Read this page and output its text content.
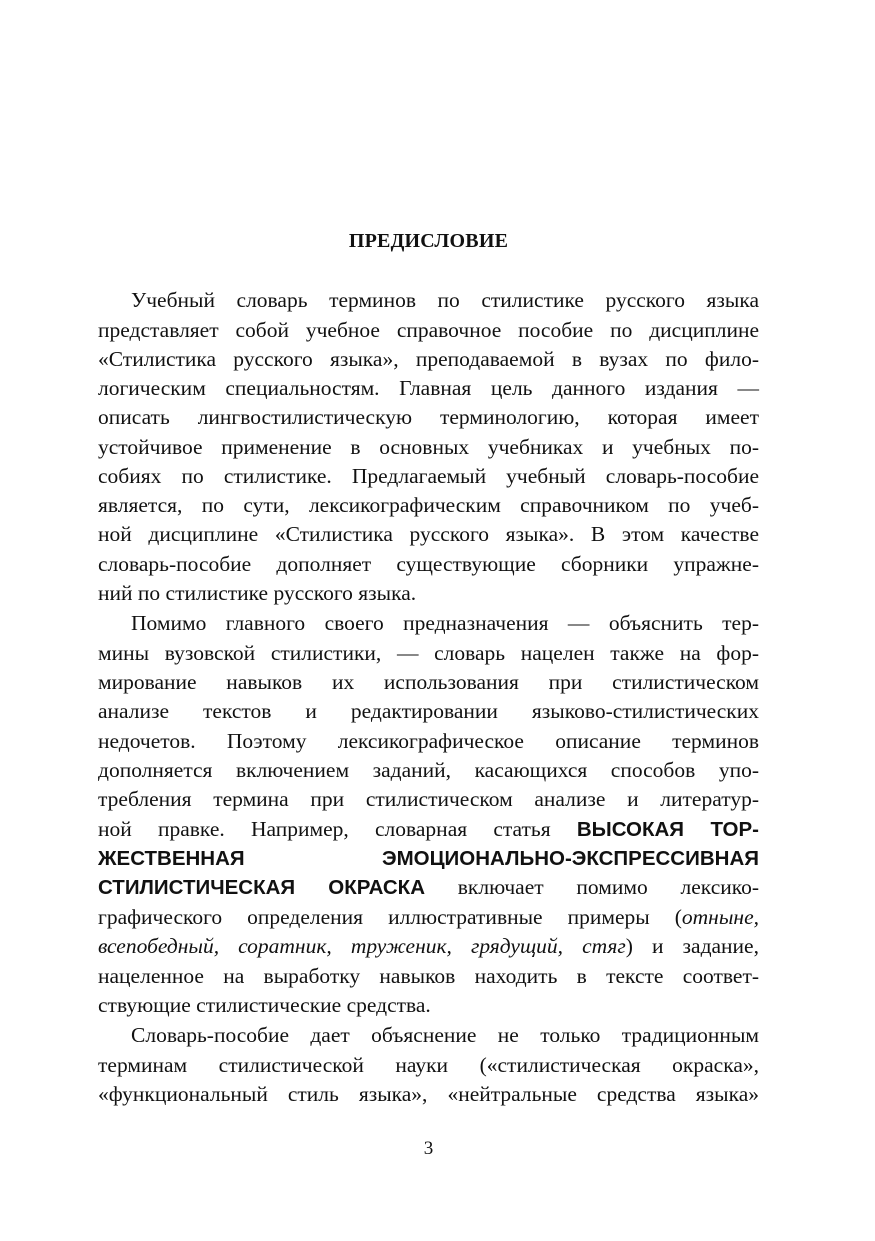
ПРЕДИСЛОВИЕ
Учебный словарь терминов по стилистике русского языка
представляет собой учебное справочное пособие по дисциплине
«Стилистика русского языка», преподаваемой в вузах по фило-
логическим специальностям. Главная цель данного издания —
описать лингвостилистическую терминологию, которая имеет
устойчивое применение в основных учебниках и учебных по-
собиях по стилистике. Предлагаемый учебный словарь-пособие
является, по сути, лексикографическим справочником по учеб-
ной дисциплине «Стилистика русского языка». В этом качестве
словарь-пособие дополняет существующие сборники упражне-
ний по стилистике русского языка.
Помимо главного своего предназначения — объяснить тер-
мины вузовской стилистики, — словарь нацелен также на фор-
мирование навыков их использования при стилистическом
анализе текстов и редактировании языково-стилистических
недочетов. Поэтому лексикографическое описание терминов
дополняется включением заданий, касающихся способов упо-
требления термина при стилистическом анализе и литератур-
ной правке. Например, словарная статья ВЫСОКАЯ ТОР-
ЖЕСТВЕННАЯ ЭМОЦИОНАЛЬНО-ЭКСПРЕССИВНАЯ
СТИЛИСТИЧЕСКАЯ ОКРАСКА включает помимо лексико-
графического определения иллюстративные примеры (отныне,
всепобедный, соратник, труженик, грядущий, стяг) и задание,
нацеленное на выработку навыков находить в тексте соответ-
ствующие стилистические средства.
Словарь-пособие дает объяснение не только традиционным
терминам стилистической науки («стилистическая окраска»,
«функциональный стиль языка», «нейтральные средства языка»
3
